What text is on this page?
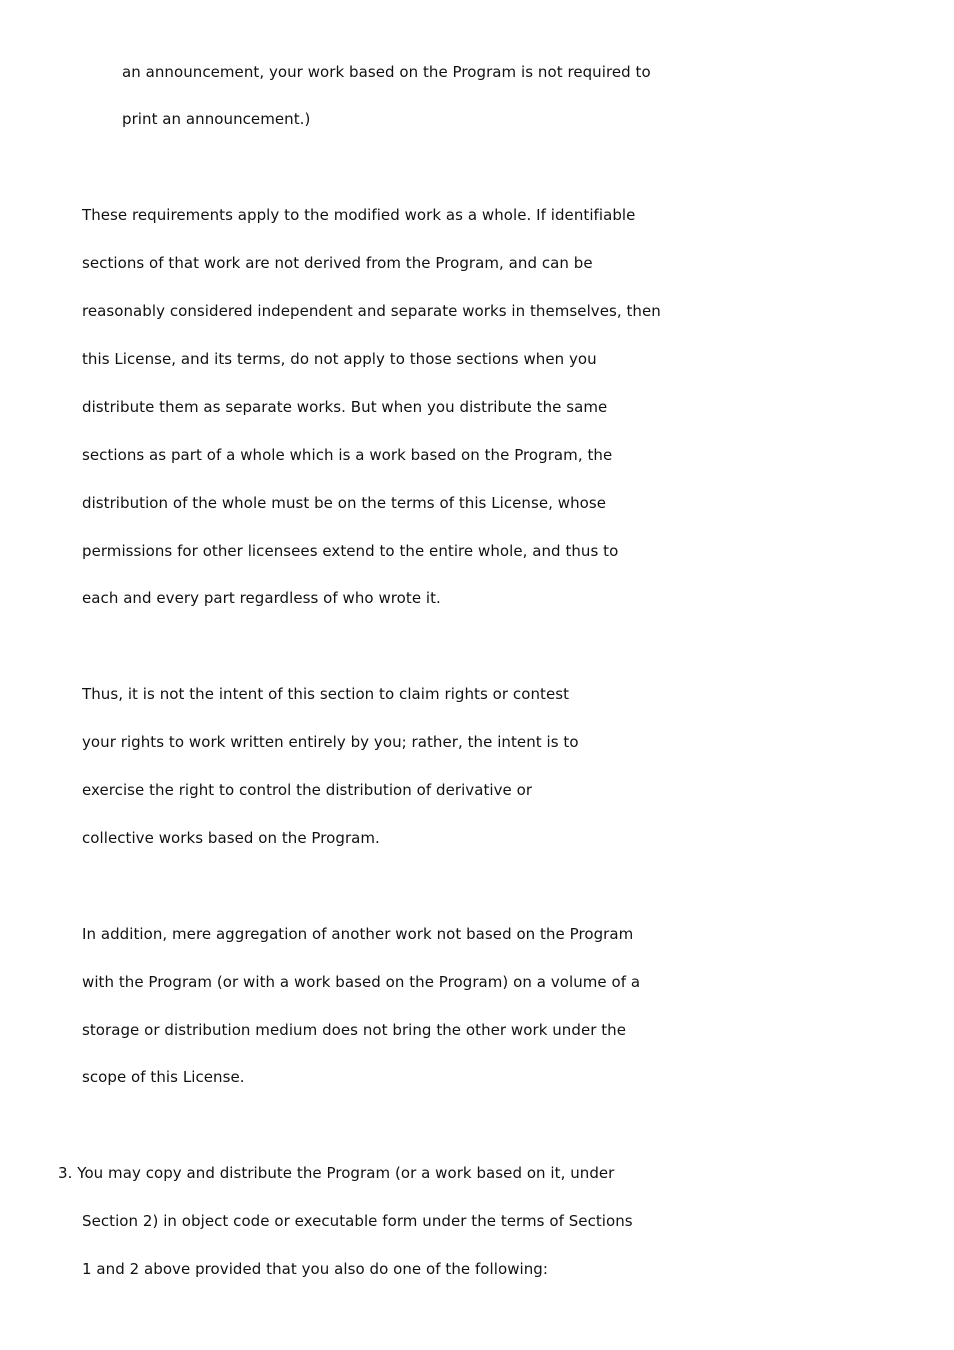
an announcement, your work based on the Program is not required to
print an announcement.)
These requirements apply to the modified work as a whole. If identifiable
sections of that work are not derived from the Program, and can be
reasonably considered independent and separate works in themselves, then
this License, and its terms, do not apply to those sections when you
distribute them as separate works. But when you distribute the same
sections as part of a whole which is a work based on the Program, the
distribution of the whole must be on the terms of this License, whose
permissions for other licensees extend to the entire whole, and thus to
each and every part regardless of who wrote it.
Thus, it is not the intent of this section to claim rights or contest
your rights to work written entirely by you; rather, the intent is to
exercise the right to control the distribution of derivative or
collective works based on the Program.
In addition, mere aggregation of another work not based on the Program
with the Program (or with a work based on the Program) on a volume of a
storage or distribution medium does not bring the other work under the
scope of this License.
3. You may copy and distribute the Program (or a work based on it, under
Section 2) in object code or executable form under the terms of Sections
1 and 2 above provided that you also do one of the following:
